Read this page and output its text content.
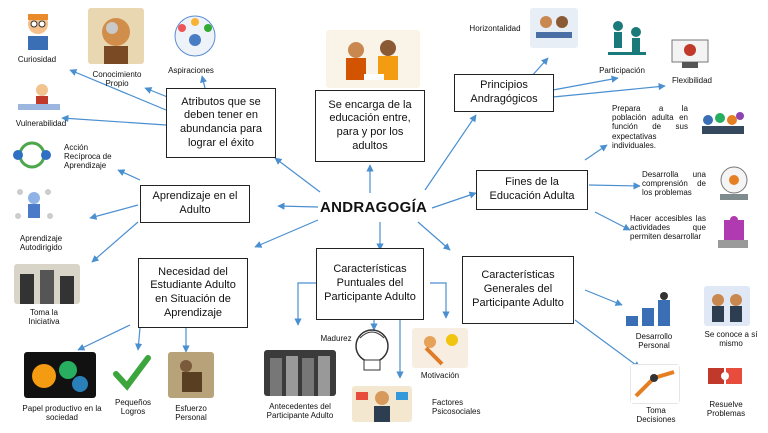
ANDRAGOGÍA
Atributos que se deben tener en abundancia para lograr el éxito
Se encarga de la educación entre, para y por los adultos
Principios Andragógicos
Fines de la Educación Adulta
Aprendizaje en el Adulto
Necesidad del Estudiante Adulto en Situación de Aprendizaje
Características Puntuales del Participante Adulto
Características Generales del Participante Adulto
Curiosidad
Conocimiento Propio
Aspiraciones
Vulnerabilidad
Acción Recíproca de Aprendizaje
Aprendizaje Autodirigido
Toma la Iniciativa
Papel productivo en la sociedad
Pequeños Logros	Esfuerzo Personal
Antecedentes del Participante Adulto
Madurez
Motivación
Factores Psicosociales
Horizontalidad
Participación
Flexibilidad
Prepara a la población adulta en función de sus expectativas individuales.
Desarrolla una comprensión de los problemas
Hacer accesibles las actividades que permiten desarrollar
Desarrollo Personal
Se conoce a sí mismo
Toma Decisiones
Resuelve Problemas
